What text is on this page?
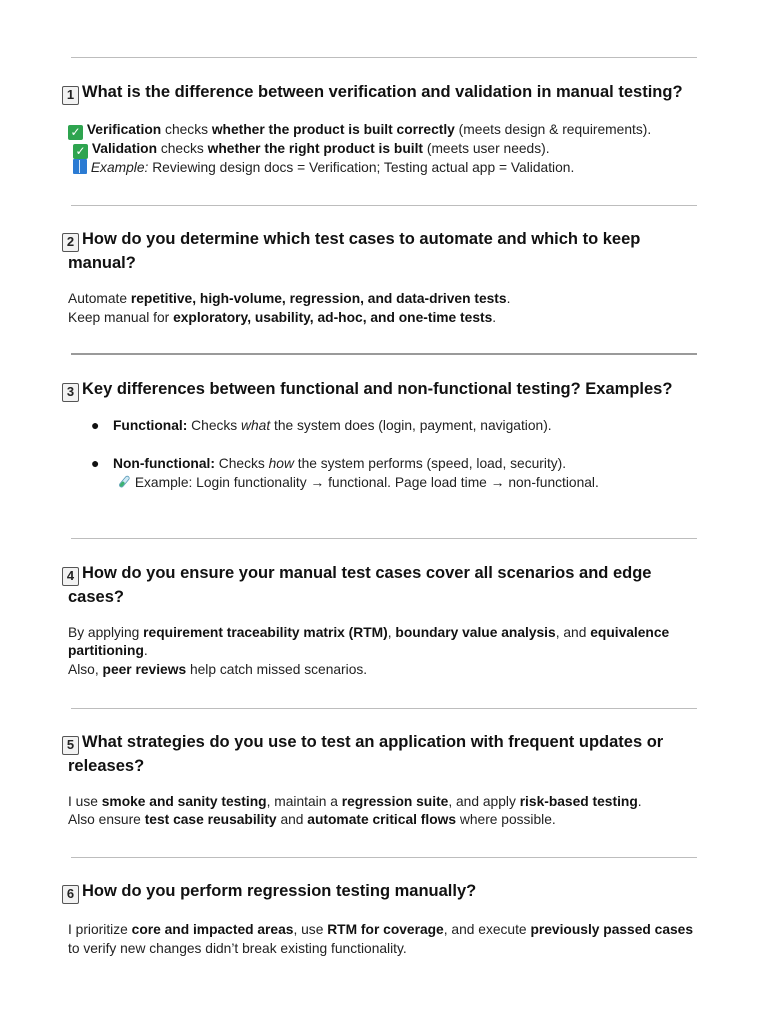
1 What is the difference between verification and validation in manual testing?
✓ Verification checks whether the product is built correctly (meets design & requirements).
✓ Validation checks whether the right product is built (meets user needs).
Example: Reviewing design docs = Verification; Testing actual app = Validation.
2 How do you determine which test cases to automate and which to keep
manual?
Automate repetitive, high-volume, regression, and data-driven tests.
Keep manual for exploratory, usability, ad-hoc, and one-time tests.
3 Key differences between functional and non-functional testing? Examples?
● Functional: Checks what the system does (login, payment, navigation).
● Non-functional: Checks how the system performs (speed, load, security).
Example: Login functionality → functional. Page load time → non-functional.
4 How do you ensure your manual test cases cover all scenarios and edge
cases?
By applying requirement traceability matrix (RTM), boundary value analysis, and equivalence
partitioning.
Also, peer reviews help catch missed scenarios.
5 What strategies do you use to test an application with frequent updates or
releases?
I use smoke and sanity testing, maintain a regression suite, and apply risk-based testing.
Also ensure test case reusability and automate critical flows where possible.
6 How do you perform regression testing manually?
I prioritize core and impacted areas, use RTM for coverage, and execute previously passed cases
to verify new changes didn’t break existing functionality.
